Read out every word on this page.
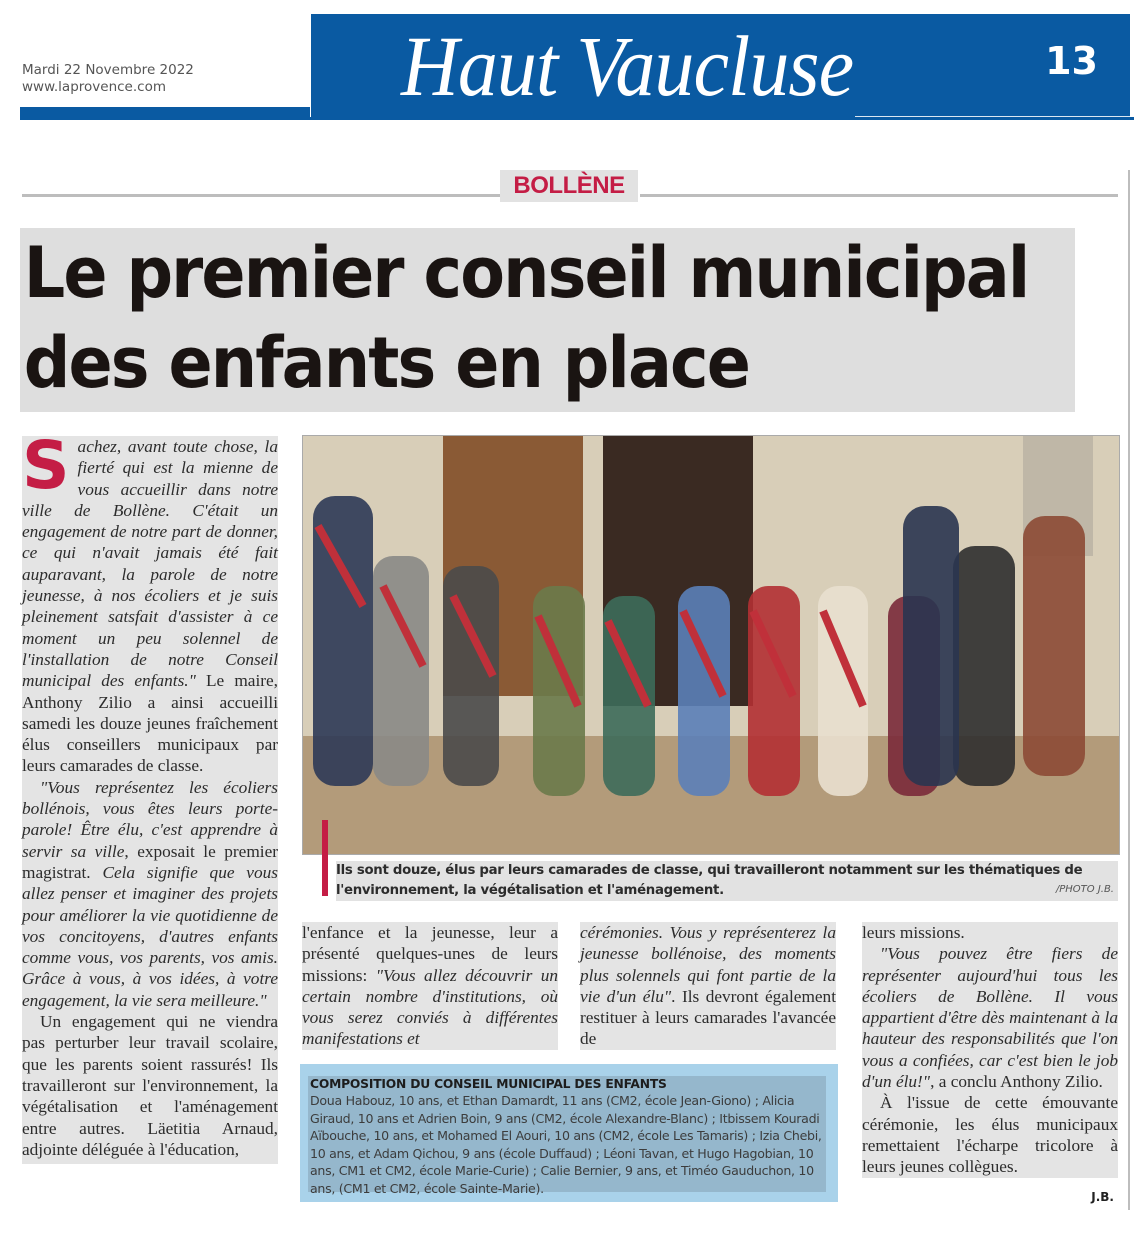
Mardi 22 Novembre 2022
www.laprovence.com	Haut Vaucluse	13
BOLLÈNE
Le premier conseil municipal
des enfants en place

Sachez, avant toute chose, la fierté qui est la mienne de vous accueillir dans notre ville de Bollène. C'était un engagement de notre part de donner, ce qui n'avait jamais été fait auparavant, la parole de notre jeunesse, à nos écoliers et je suis pleinement satsfait d'assister à ce moment un peu solennel de l'installation de notre Conseil municipal des enfants." Le maire, Anthony Zilio a ainsi accueilli samedi les douze jeunes fraîchement élus conseillers municipaux par leurs camarades de classe.

"Vous représentez les écoliers bollénois, vous êtes leurs porte-parole! Être élu, c'est apprendre à servir sa ville, exposait le premier magistrat. Cela signifie que vous allez penser et imaginer des projets pour améliorer la vie quotidienne de vos concitoyens, d'autres enfants comme vous, vos parents, vos amis. Grâce à vous, à vos idées, à votre engagement, la vie sera meilleure."

Un engagement qui ne viendra pas perturber leur travail scolaire, que les parents soient rassurés! Ils travailleront sur l'environnement, la végétalisation et l'aménagement entre autres. Läetitia Arnaud, adjointe déléguée à l'éducation,

Ils sont douze, élus par leurs camarades de classe, qui travailleront notamment sur les thématiques de l'environnement, la végétalisation et l'aménagement.	/PHOTO J.B.

l'enfance et la jeunesse, leur a présenté quelques-unes de leurs missions: "Vous allez découvrir un certain nombre d'institutions, où vous serez conviés à différentes manifestations et

cérémonies. Vous y représenterez la jeunesse bollénoise, des moments plus solennels qui font partie de la vie d'un élu". Ils devront également restituer à leurs camarades l'avancée de

leurs missions.

"Vous pouvez être fiers de représenter aujourd'hui tous les écoliers de Bollène. Il vous appartient d'être dès maintenant à la hauteur des responsabilités que l'on vous a confiées, car c'est bien le job d'un élu!", a conclu Anthony Zilio.

À l'issue de cette émouvante cérémonie, les élus municipaux remettaient l'écharpe tricolore à leurs jeunes collègues.

J.B.
COMPOSITION DU CONSEIL MUNICIPAL DES ENFANTS
Doua Habouz, 10 ans, et Ethan Damardt, 11 ans (CM2, école Jean-Giono) ; Alicia Giraud, 10 ans et Adrien Boin, 9 ans (CM2, école Alexandre-Blanc) ; Itbissem Kouradi Aïbouche, 10 ans, et Mohamed El Aouri, 10 ans (CM2, école Les Tamaris) ; Izia Chebi, 10 ans, et Adam Qichou, 9 ans (école Duffaud) ; Léoni Tavan, et Hugo Hagobian, 10 ans, CM1 et CM2, école Marie-Curie) ; Calie Bernier, 9 ans, et Timéo Gauduchon, 10 ans, (CM1 et CM2, école Sainte-Marie).
